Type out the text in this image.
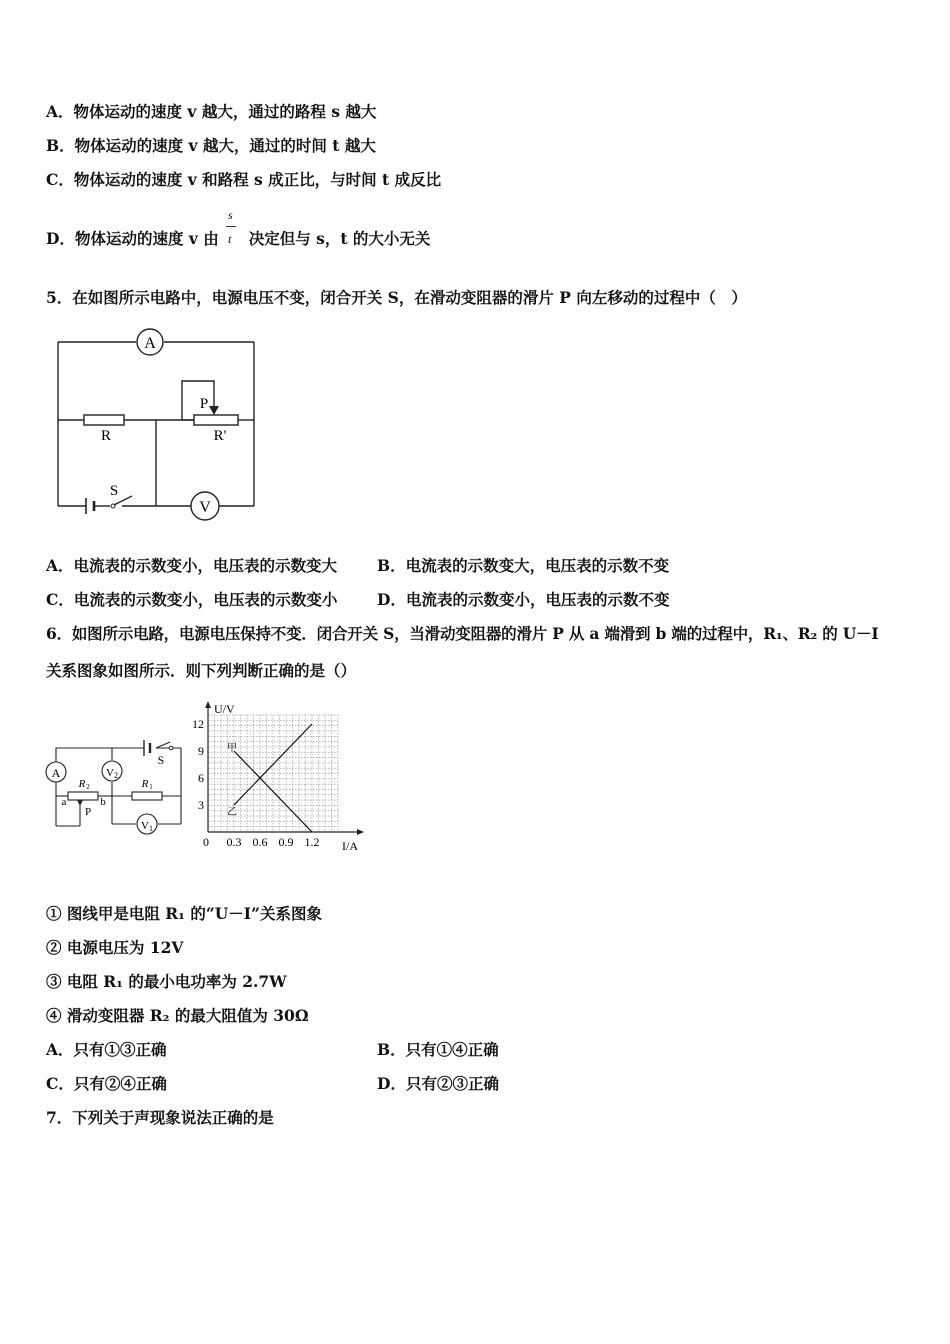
A．物体运动的速度 v 越大，通过的路程 s 越大
B．物体运动的速度 v 越大，通过的时间 t 越大
C．物体运动的速度 v 和路程 s 成正比，与时间 t 成反比
D．物体运动的速度 v 由 决定但与 s，t 的大小无关
s
t
5．在如图所示电路中，电源电压不变，闭合开关 S，在滑动变阻器的滑片 P 向左移动的过程中（　）
A
V
R	R'
P
S
A．电流表的示数变小，电压表的示数变大	B．电流表的示数变大，电压表的示数不变
C．电流表的示数变小，电压表的示数变小	D．电流表的示数变小，电压表的示数不变
6．如图所示电路，电源电压保持不变．闭合开关 S，当滑动变阻器的滑片 P 从 a 端滑到 b 端的过程中，R₁、R₂ 的 U－I
关系图象如图所示．则下列判断正确的是（）
A	V 2
V 1
R 2	R 1
a	b
P
S
0 0.3 0.6 0.9 1.2
3
6
9
12
U/V
I/A
甲
乙
① 图线甲是电阻 R₁ 的“U－I”关系图象
② 电源电压为 12V
③ 电阻 R₁ 的最小电功率为 2.7W
④ 滑动变阻器 R₂ 的最大阻值为 30Ω
A．只有①③正确	B．只有①④正确
C．只有②④正确	D．只有②③正确
7．下列关于声现象说法正确的是
